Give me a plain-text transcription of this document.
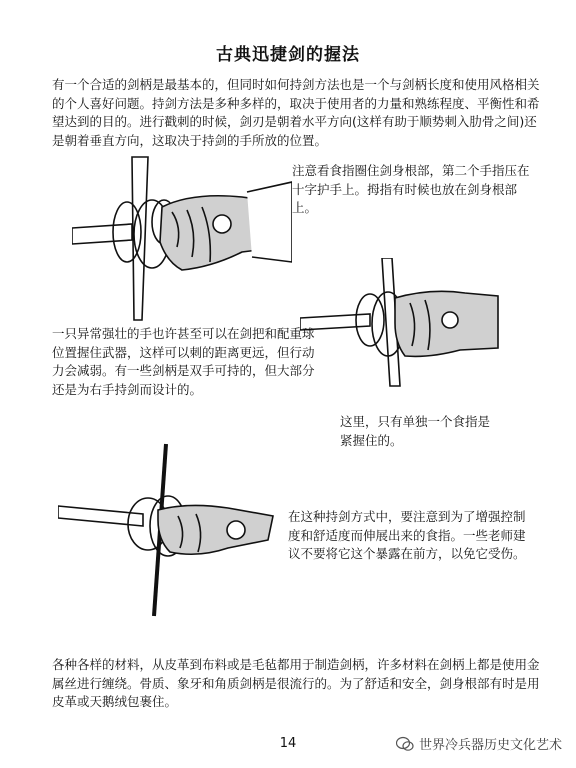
古典迅捷剑的握法

有一个合适的剑柄是最基本的，但同时如何持剑方法也是一个与剑柄长度和使用风格相关的个人喜好问题。持剑方法是多种多样的，取决于使用者的力量和熟练程度、平衡性和希望达到的目的。进行戳刺的时候，剑刃是朝着水平方向(这样有助于顺势刺入肋骨之间)还是朝着垂直方向，这取决于持剑的手所放的位置。

注意看食指圈住剑身根部，第二个手指压在十字护手上。拇指有时候也放在剑身根部上。

一只异常强壮的手也许甚至可以在剑把和配重球位置握住武器，这样可以刺的距离更远，但行动力会减弱。有一些剑柄是双手可持的，但大部分还是为右手持剑而设计的。

这里，只有单独一个食指是紧握住的。

在这种持剑方式中，要注意到为了增强控制度和舒适度而伸展出来的食指。一些老师建议不要将它这个暴露在前方，以免它受伤。

各种各样的材料，从皮革到布料或是毛毡都用于制造剑柄，许多材料在剑柄上都是使用金属丝进行缠绕。骨质、象牙和角质剑柄是很流行的。为了舒适和安全，剑身根部有时是用皮革或天鹅绒包裹住。

14	世界冷兵器历史文化艺术
